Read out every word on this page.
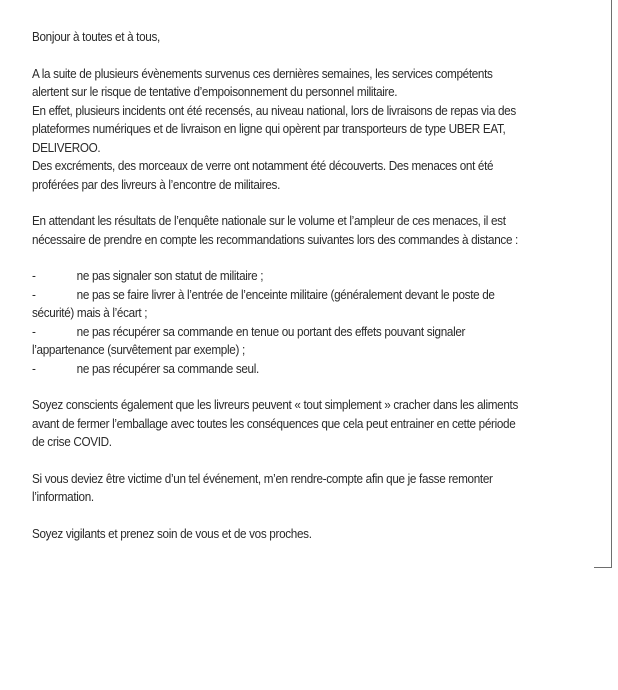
Bonjour à toutes et à tous,

A la suite de plusieurs évènements survenus ces dernières semaines, les services compétents
alertent sur le risque de tentative d’empoisonnement du personnel militaire.
En effet, plusieurs incidents ont été recensés, au niveau national, lors de livraisons de repas via des
plateformes numériques et de livraison en ligne qui opèrent par transporteurs de type UBER EAT,
DELIVEROO.
Des excréments, des morceaux de verre ont notamment été découverts. Des menaces ont été
proférées par des livreurs à l’encontre de militaires.
En attendant les résultats de l’enquête nationale sur le volume et l’ampleur de ces menaces, il est
nécessaire de prendre en compte les recommandations suivantes lors des commandes à distance :
-	ne pas signaler son statut de militaire ;
-	ne pas se faire livrer à l’entrée de l’enceinte militaire (généralement devant le poste de
sécurité) mais à l’écart ;
-	ne pas récupérer sa commande en tenue ou portant des effets pouvant signaler
l’appartenance (survêtement par exemple) ;
-	ne pas récupérer sa commande seul.
Soyez conscients également que les livreurs peuvent « tout simplement » cracher dans les aliments
avant de fermer l’emballage avec toutes les conséquences que cela peut entrainer en cette période
de crise COVID.
Si vous deviez être victime d’un tel événement, m’en rendre-compte afin que je fasse remonter
l’information.

Soyez vigilants et prenez soin de vous et de vos proches.
